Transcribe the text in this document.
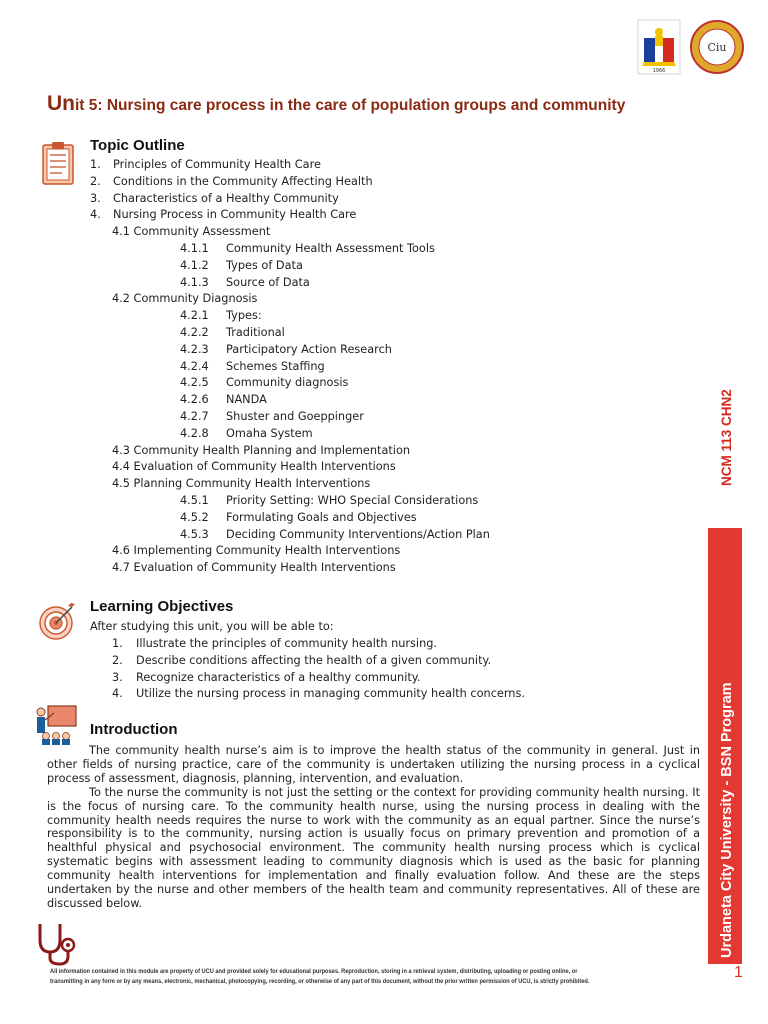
1966
Ciu
Unit 5: Nursing care process in the care of population groups and community
Topic Outline
1. Principles of Community Health Care
2. Conditions in the Community Affecting Health
3. Characteristics of a Healthy Community
4. Nursing Process in Community Health Care
4.1 Community Assessment
4.1.1 Community Health Assessment Tools
4.1.2 Types of Data
4.1.3 Source of Data
4.2 Community Diagnosis
4.2.1 Types:
4.2.2 Traditional
4.2.3 Participatory Action Research
4.2.4 Schemes Staffing
4.2.5 Community diagnosis
4.2.6 NANDA
4.2.7 Shuster and Goeppinger
4.2.8 Omaha System
4.3 Community Health Planning and Implementation
4.4 Evaluation of Community Health Interventions
4.5 Planning Community Health Interventions
4.5.1 Priority Setting: WHO Special Considerations
4.5.2 Formulating Goals and Objectives
4.5.3 Deciding Community Interventions/Action Plan
4.6 Implementing Community Health Interventions
4.7 Evaluation of Community Health Interventions
Learning Objectives
After studying this unit, you will be able to:
1. Illustrate the principles of community health nursing.
2. Describe conditions affecting the health of a given community.
3. Recognize characteristics of a healthy community.
4. Utilize the nursing process in managing community health concerns.
Introduction
The community health nurse’s aim is to improve the health status of the community in general. Just in other fields of nursing practice, care of the community is undertaken utilizing the nursing process in a cyclical process of assessment, diagnosis, planning, intervention, and evaluation.
To the nurse the community is not just the setting or the context for providing community health nursing. It is the focus of nursing care. To the community health nurse, using the nursing process in dealing with the community health needs requires the nurse to work with the community as an equal partner. Since the nurse’s responsibility is to the community, nursing action is usually focus on primary prevention and promotion of a healthful physical and psychosocial environment. The community health nursing process which is cyclical systematic begins with assessment leading to community diagnosis which is used as the basic for planning community health interventions for implementation and finally evaluation follow. And these are the steps undertaken by the nurse and other members of the health team and community representatives. All of these are discussed below.	Urdaneta City University - BSN Program
NCM 113 CHN2
All information contained in this module are property of UCU and provided solely for educational purposes. Reproduction, storing in a retrieval system, distributing, uploading or posting online, or transmitting in any form or by any means, electronic, mechanical, photocopying, recording, or otherwise of any part of this document, without the prior written permission of UCU, is strictly prohibited.
1
